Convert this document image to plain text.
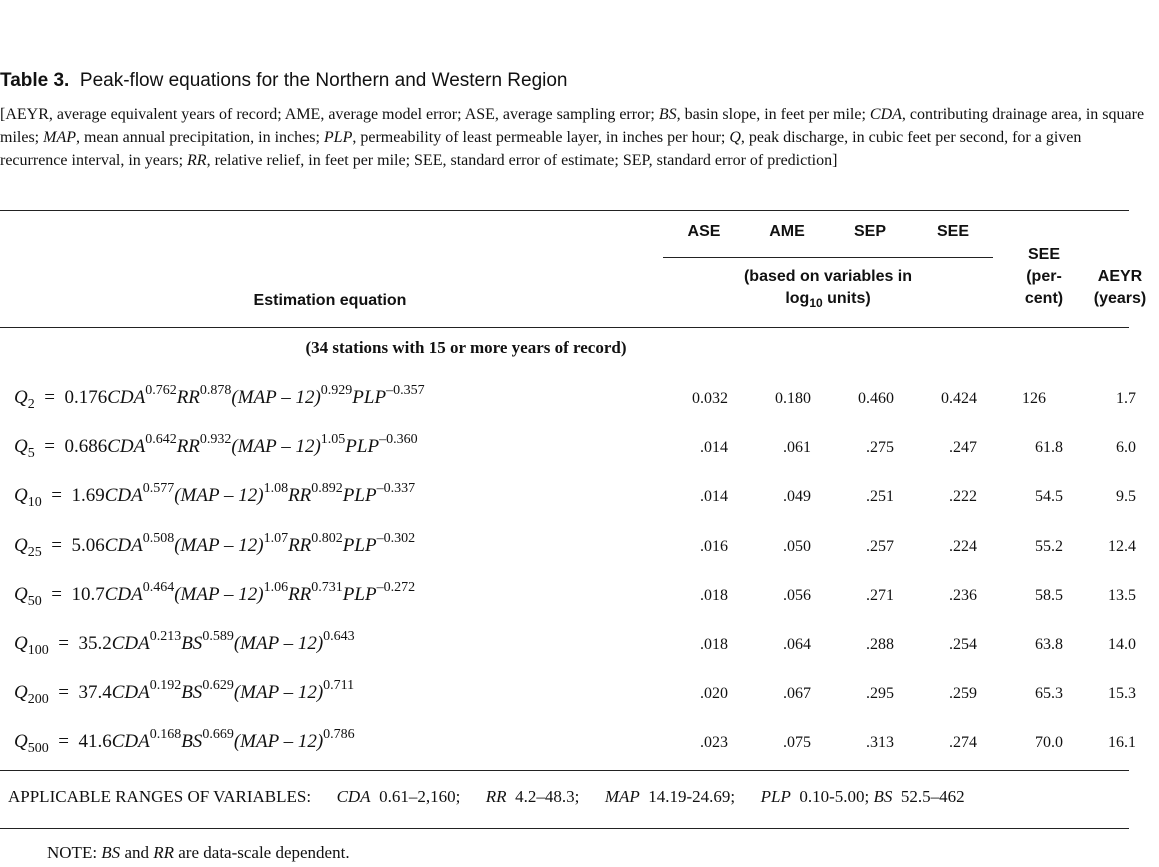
Table 3. Peak-flow equations for the Northern and Western Region
[AEYR, average equivalent years of record; AME, average model error; ASE, average sampling error; BS, basin slope, in feet per mile; CDA, contributing drainage area, in square miles; MAP, mean annual precipitation, in inches; PLP, permeability of least permeable layer, in inches per hour; Q, peak discharge, in cubic feet per second, for a given recurrence interval, in years; RR, relative relief, in feet per mile; SEE, standard error of estimate; SEP, standard error of prediction]
ASE	AME	SEP	SEE
(based on variables in
$\log_{10}$ units)
SEE
(per-
cent)
AEYR
(years)
Estimation equation
(34 stations with 15 or more years of record)
$Q_2$ = $0.176CDA^{0.762}RR^{0.878}(MAP - 12)^{0.929}PLP^{-0.357}$	0.032	0.180	0.460	0.424	126	1.7
$Q_5$ = $0.686CDA^{0.642}RR^{0.932}(MAP - 12)^{1.05}PLP^{-0.360}$	.014	.061	.275	.247	61.8	6.0
$Q_{10}$ = $1.69CDA^{0.577}(MAP - 12)^{1.08}RR^{0.892}PLP^{-0.337}$	.014	.049	.251	.222	54.5	9.5
$Q_{25}$ = $5.06CDA^{0.508}(MAP - 12)^{1.07}RR^{0.802}PLP^{-0.302}$	.016	.050	.257	.224	55.2	12.4
$Q_{50}$ = $10.7CDA^{0.464}(MAP - 12)^{1.06}RR^{0.731}PLP^{-0.272}$	.018	.056	.271	.236	58.5	13.5
$Q_{100}$ = $35.2CDA^{0.213}BS^{0.589}(MAP - 12)^{0.643}$	.018	.064	.288	.254	63.8	14.0
$Q_{200}$ = $37.4CDA^{0.192}BS^{0.629}(MAP - 12)^{0.711}$	.020	.067	.295	.259	65.3	15.3
$Q_{500}$ = $41.6CDA^{0.168}BS^{0.669}(MAP - 12)^{0.786}$	.023	.075	.313	.274	70.0	16.1
APPLICABLE RANGES OF VARIABLES:   CDA  0.61–2,160;   RR  4.2–48.3;   MAP  14.19-24.69;   PLP  0.10-5.00; BS  52.5–462
NOTE: BS and RR are data-scale dependent.
